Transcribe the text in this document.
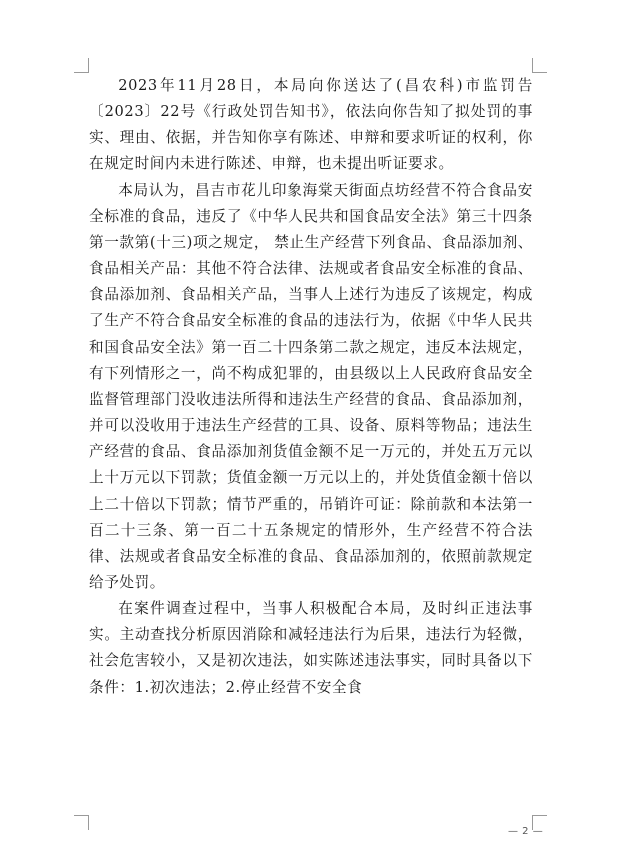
2023年11月28日，本局向你送达了(昌农科)市监罚告〔2023〕22号《行政处罚告知书》，依法向你告知了拟处罚的事实、理由、依据，并告知你享有陈述、申辩和要求听证的权利，你在规定时间内未进行陈述、申辩，也未提出听证要求。

本局认为，昌吉市花儿印象海棠天街面点坊经营不符合食品安全标准的食品，违反了《中华人民共和国食品安全法》第三十四条第一款第(十三)项之规定， 禁止生产经营下列食品、食品添加剂、食品相关产品：其他不符合法律、法规或者食品安全标准的食品、食品添加剂、食品相关产品，当事人上述行为违反了该规定，构成了生产不符合食品安全标准的食品的违法行为，依据《中华人民共和国食品安全法》第一百二十四条第二款之规定，违反本法规定，有下列情形之一，尚不构成犯罪的，由县级以上人民政府食品安全监督管理部门没收违法所得和违法生产经营的食品、食品添加剂，并可以没收用于违法生产经营的工具、设备、原料等物品；违法生产经营的食品、食品添加剂货值金额不足一万元的，并处五万元以上十万元以下罚款；货值金额一万元以上的，并处货值金额十倍以上二十倍以下罚款；情节严重的，吊销许可证：除前款和本法第一百二十三条、第一百二十五条规定的情形外，生产经营不符合法律、法规或者食品安全标准的食品、食品添加剂的，依照前款规定给予处罚。

在案件调查过程中，当事人积极配合本局，及时纠正违法事实。主动查找分析原因消除和减轻违法行为后果，违法行为轻微，社会危害较小，又是初次违法，如实陈述违法事实，同时具备以下条件：1.初次违法；2.停止经营不安全食

— 2 —
